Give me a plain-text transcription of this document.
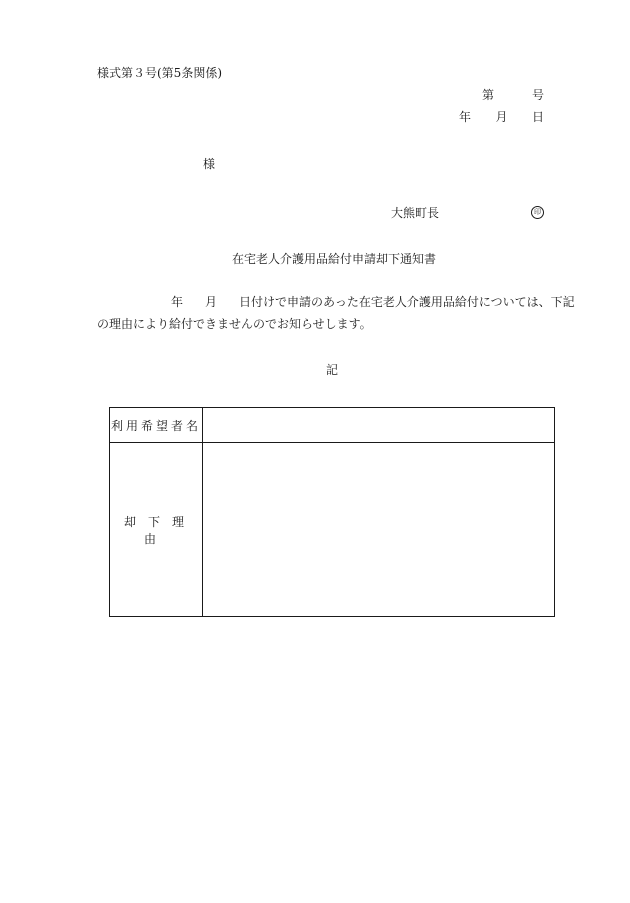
様式第３号(第5条関係)
第	号
年 月 日
様
大熊町長	印
在宅老人介護用品給付申請却下通知書
年 月 日付けで申請のあった在宅老人介護用品給付については、下記
の理由により給付できませんのでお知らせします。
記
利用希望者名	
却下理由	
